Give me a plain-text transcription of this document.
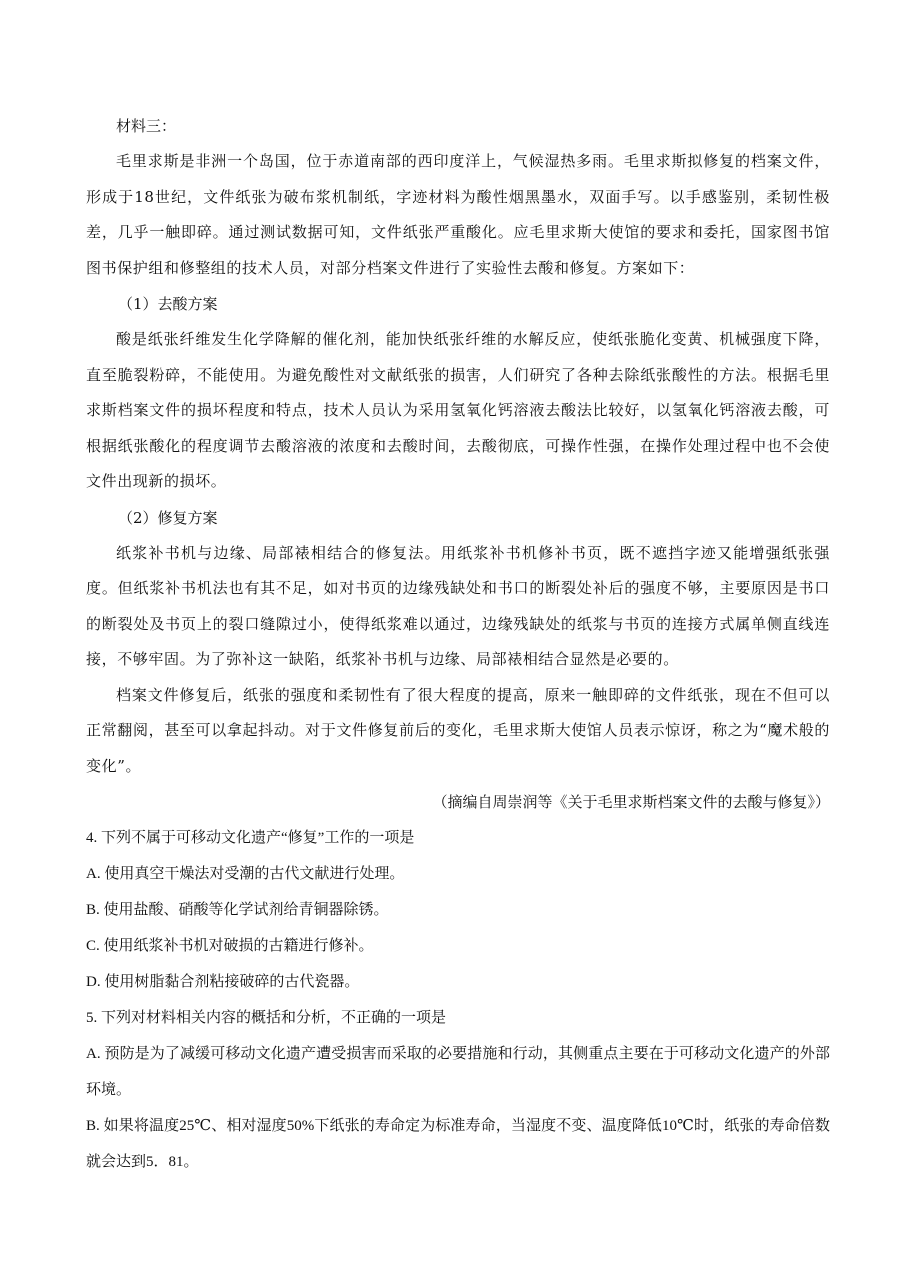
材料三：

毛里求斯是非洲一个岛国，位于赤道南部的西印度洋上，气候湿热多雨。毛里求斯拟修复的档案文件，形成于18世纪，文件纸张为破布浆机制纸，字迹材料为酸性烟黑墨水，双面手写。以手感鉴别，柔韧性极差，几乎一触即碎。通过测试数据可知，文件纸张严重酸化。应毛里求斯大使馆的要求和委托，国家图书馆图书保护组和修整组的技术人员，对部分档案文件进行了实验性去酸和修复。方案如下：

（1）去酸方案

酸是纸张纤维发生化学降解的催化剂，能加快纸张纤维的水解反应，使纸张脆化变黄、机械强度下降，直至脆裂粉碎，不能使用。为避免酸性对文献纸张的损害，人们研究了各种去除纸张酸性的方法。根据毛里求斯档案文件的损坏程度和特点，技术人员认为采用氢氧化钙溶液去酸法比较好，以氢氧化钙溶液去酸，可根据纸张酸化的程度调节去酸溶液的浓度和去酸时间，去酸彻底，可操作性强，在操作处理过程中也不会使文件出现新的损坏。

（2）修复方案

纸浆补书机与边缘、局部裱相结合的修复法。用纸浆补书机修补书页，既不遮挡字迹又能增强纸张强度。但纸浆补书机法也有其不足，如对书页的边缘残缺处和书口的断裂处补后的强度不够，主要原因是书口的断裂处及书页上的裂口缝隙过小，使得纸浆难以通过，边缘残缺处的纸浆与书页的连接方式属单侧直线连接，不够牢固。为了弥补这一缺陷，纸浆补书机与边缘、局部裱相结合显然是必要的。

档案文件修复后，纸张的强度和柔韧性有了很大程度的提高，原来一触即碎的文件纸张，现在不但可以正常翻阅，甚至可以拿起抖动。对于文件修复前后的变化，毛里求斯大使馆人员表示惊讶，称之为“魔术般的变化”。

（摘编自周崇润等《关于毛里求斯档案文件的去酸与修复》）

4. 下列不属于可移动文化遗产“修复”工作的一项是

A. 使用真空干燥法对受潮的古代文献进行处理。

B. 使用盐酸、硝酸等化学试剂给青铜器除锈。

C. 使用纸浆补书机对破损的古籍进行修补。

D. 使用树脂黏合剂粘接破碎的古代瓷器。

5. 下列对材料相关内容的概括和分析，不正确的一项是

A. 预防是为了减缓可移动文化遗产遭受损害而采取的必要措施和行动，其侧重点主要在于可移动文化遗产的外部环境。

B. 如果将温度25℃、相对湿度50%下纸张的寿命定为标准寿命，当湿度不变、温度降低10℃时，纸张的寿命倍数就会达到5．81。
